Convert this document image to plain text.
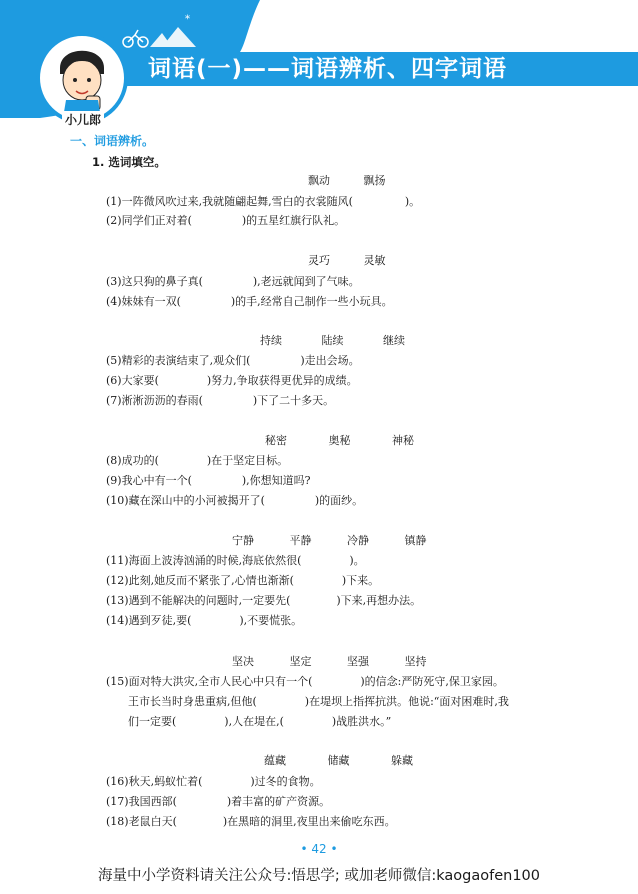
*
词语(一)——词语辨析、四字词语
小儿郎
一、词语辨析。
1. 选词填空。
飘动	飘扬
(1)一阵微风吹过来,我就随翩起舞,雪白的衣裳随风(	)。
(2)同学们正对着(	)的五星红旗行队礼。
灵巧	灵敏
(3)这只狗的鼻子真(	),老远就闻到了气味。
(4)妹妹有一双(	)的手,经常自己制作一些小玩具。
持续	陆续	继续
(5)精彩的表演结束了,观众们(	)走出会场。
(6)大家要(	)努力,争取获得更优异的成绩。
(7)淅淅沥沥的春雨(	)下了二十多天。
秘密	奥秘	神秘
(8)成功的(	)在于坚定目标。
(9)我心中有一个(	),你想知道吗?
(10)藏在深山中的小河被揭开了(	)的面纱。
宁静	平静	冷静	镇静
(11)海面上波涛汹涌的时候,海底依然很(	)。
(12)此刻,她反而不紧张了,心情也渐渐(	)下来。
(13)遇到不能解决的问题时,一定要先(	)下来,再想办法。
(14)遇到歹徒,要(	),不要慌张。
坚决	坚定	坚强	坚持
(15)面对特大洪灾,全市人民心中只有一个(	)的信念:严防死守,保卫家园。
王市长当时身患重病,但他(	)在堤坝上指挥抗洪。他说:“面对困难时,我
们一定要(	),人在堤在,(	)战胜洪水。”
蕴藏	储藏	躲藏
(16)秋天,蚂蚁忙着(	)过冬的食物。
(17)我国西部(	)着丰富的矿产资源。
(18)老鼠白天(	)在黑暗的洞里,夜里出来偷吃东西。
• 42 •
海量中小学资料请关注公众号:悟思学; 或加老师微信:kaogaofen100
